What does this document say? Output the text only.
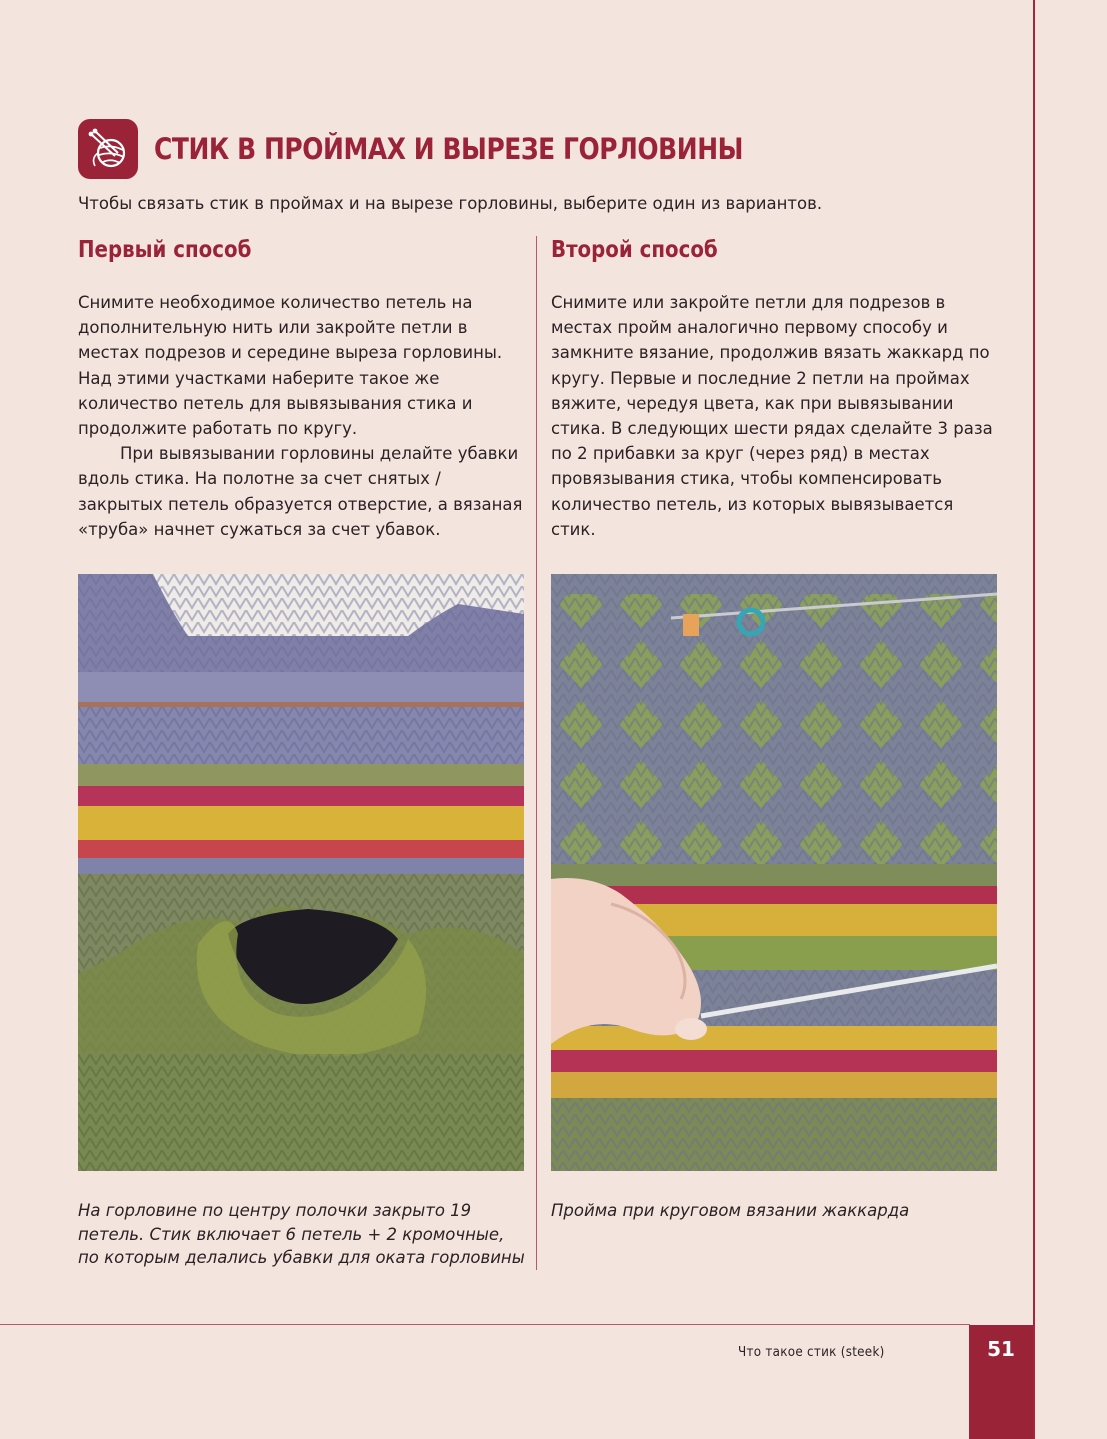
СТИК В ПРОЙМАХ И ВЫРЕЗЕ ГОРЛОВИНЫ
Чтобы связать стик в проймах и на вырезе горловины, выберите один из вариантов.
Первый способ

Снимите необходимое количество петель на дополнительную нить или закройте петли в местах подрезов и середине выреза горловины. Над этими участками наберите такое же количество петель для вывязывания стика и продолжите работать по кругу.

При вывязывании горловины делайте убавки вдоль стика. На полотне за счет снятых / закрытых петель образуется отверстие, а вязаная «труба» начнет сужаться за счет убавок.

Второй способ

Снимите или закройте петли для подрезов в местах пройм аналогично первому способу и замкните вязание, продолжив вязать жаккард по кругу. Первые и последние 2 петли на проймах вяжите, чередуя цвета, как при вывязывании стика. В следующих шести рядах сделайте 3 раза по 2 прибавки за круг (через ряд) в местах провязывания стика, чтобы компенсировать количество петель, из которых вывязывается стик.

На горловине по центру полочки закрыто 19 петель. Стик включает 6 петель + 2 кромочные, по которым делались убавки для оката горловины
Пройма при круговом вязании жаккарда
Что такое стик (steek)	51
